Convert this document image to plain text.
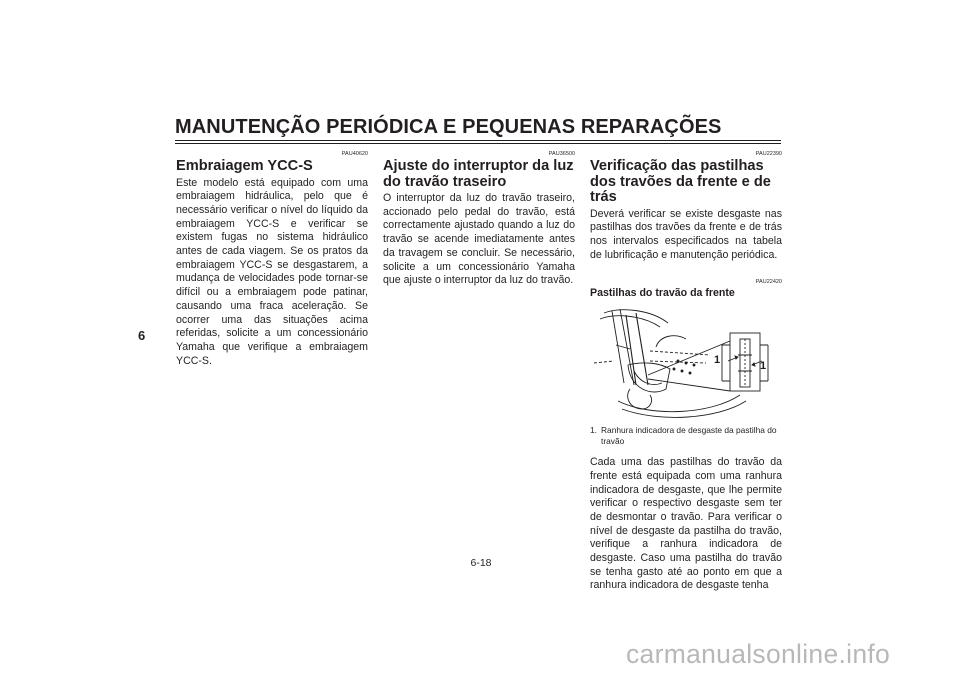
MANUTENÇÃO PERIÓDICA E PEQUENAS REPARAÇÕES
6
PAU40620
Embraiagem YCC-S

Este modelo está equipado com uma embraiagem hidráulica, pelo que é necessário verificar o nível do líquido da embraiagem YCC-S e verificar se existem fugas no sistema hidráulico antes de cada viagem. Se os pratos da embraiagem YCC-S se desgastarem, a mudança de velocidades pode tornar-se difícil ou a embraiagem pode patinar, causando uma fraca aceleração. Se ocorrer uma das situações acima referidas, solicite a um concessionário Yamaha que verifique a embraiagem YCC-S.

PAU36500
Ajuste do interruptor da luz do travão traseiro

O interruptor da luz do travão traseiro, accionado pelo pedal do travão, está correctamente ajustado quando a luz do travão se acende imediatamente antes da travagem se concluir. Se necessário, solicite a um concessionário Yamaha que ajuste o interruptor da luz do travão.

PAU22390
Verificação das pastilhas dos travões da frente e de trás

Deverá verificar se existe desgaste nas pastilhas dos travões da frente e de trás nos intervalos especificados na tabela de lubrificação e manutenção periódica.

PAU22420
Pastilhas do travão da frente
1	1
1. Ranhura indicadora de desgaste da pastilha do travão

Cada uma das pastilhas do travão da frente está equipada com uma ranhura indicadora de desgaste, que lhe permite verificar o respectivo desgaste sem ter de desmontar o travão. Para verificar o nível de desgaste da pastilha do travão, verifique a ranhura indicadora de desgaste. Caso uma pastilha do travão se tenha gasto até ao ponto em que a ranhura indicadora de desgaste tenha

6-18
carmanualsonline.info
